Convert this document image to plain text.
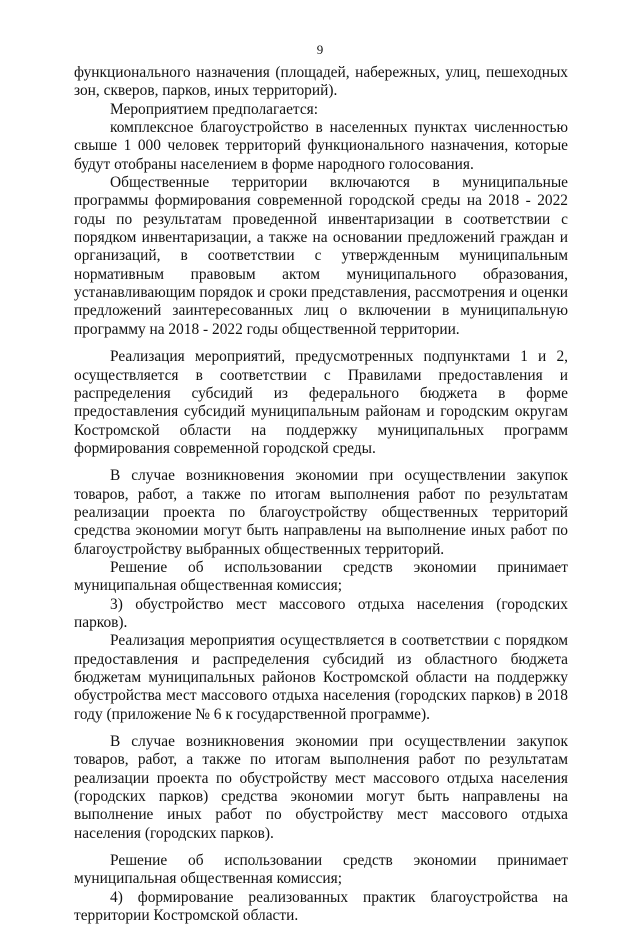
9

функционального назначения (площадей, набережных, улиц, пешеходных зон, скверов, парков, иных территорий).

Мероприятием предполагается:

комплексное благоустройство в населенных пунктах численностью свыше 1 000 человек территорий функционального назначения, которые будут отобраны населением в форме народного голосования.

Общественные территории включаются в муниципальные программы формирования современной городской среды на 2018 - 2022 годы по результатам проведенной инвентаризации в соответствии с порядком инвентаризации, а также на основании предложений граждан и организаций, в соответствии с утвержденным муниципальным нормативным правовым актом муниципального образования, устанавливающим порядок и сроки представления, рассмотрения и оценки предложений заинтересованных лиц о включении в муниципальную программу на 2018 - 2022 годы общественной территории.

Реализация мероприятий, предусмотренных подпунктами 1 и 2, осуществляется в соответствии с Правилами предоставления и распределения субсидий из федерального бюджета в форме предоставления субсидий муниципальным районам и городским округам Костромской области на поддержку муниципальных программ формирования современной городской среды.

В случае возникновения экономии при осуществлении закупок товаров, работ, а также по итогам выполнения работ по результатам реализации проекта по благоустройству общественных территорий средства экономии могут быть направлены на выполнение иных работ по благоустройству выбранных общественных территорий.

Решение об использовании средств экономии принимает муниципальная общественная комиссия;

3) обустройство мест массового отдыха населения (городских парков).

Реализация мероприятия осуществляется в соответствии с порядком предоставления и распределения субсидий из областного бюджета бюджетам муниципальных районов Костромской области на поддержку обустройства мест массового отдыха населения (городских парков) в 2018 году (приложение № 6 к государственной программе).

В случае возникновения экономии при осуществлении закупок товаров, работ, а также по итогам выполнения работ по результатам реализации проекта по обустройству мест массового отдыха населения (городских парков) средства экономии могут быть направлены на выполнение иных работ по обустройству мест массового отдыха населения (городских парков).

Решение об использовании средств экономии принимает муниципальная общественная комиссия;

4) формирование реализованных практик благоустройства на территории Костромской области.
